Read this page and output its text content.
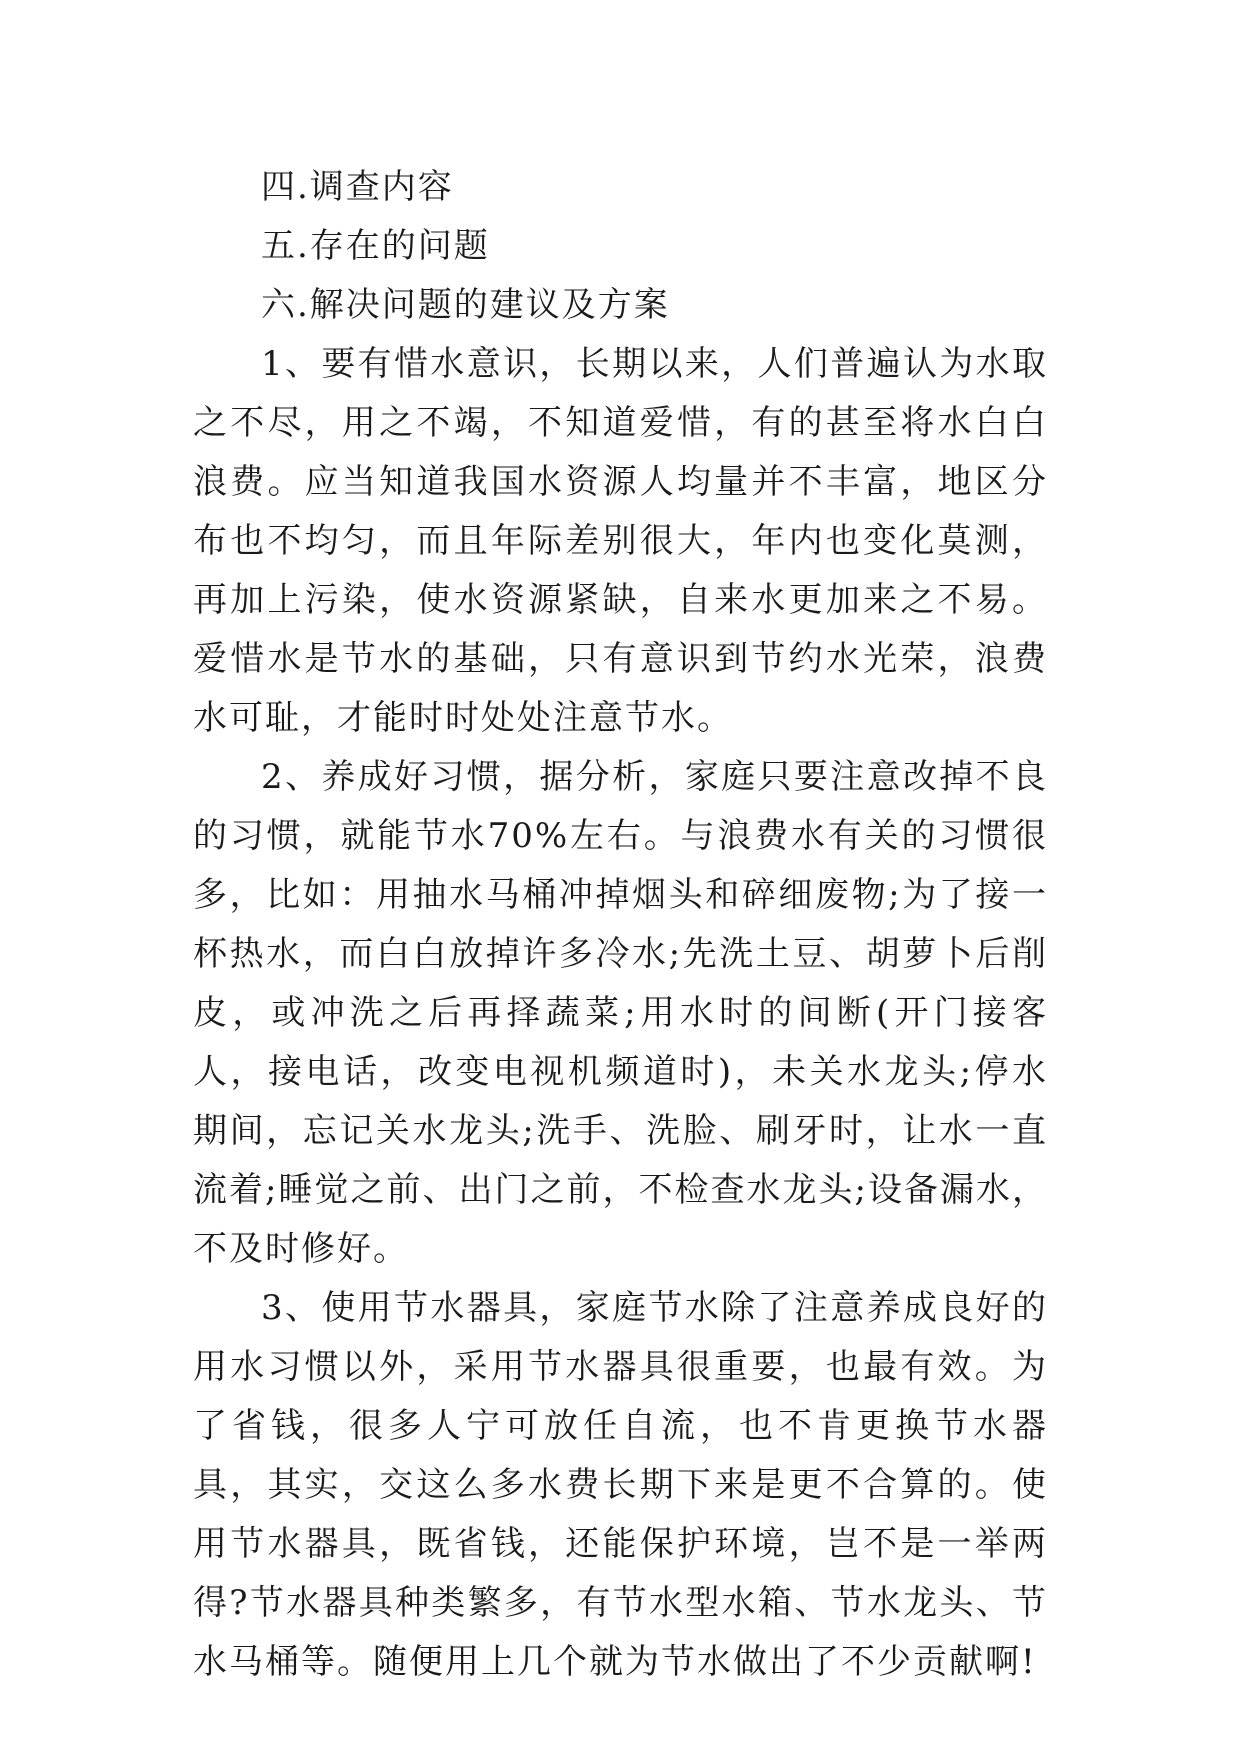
四.调查内容

五.存在的问题

六.解决问题的建议及方案

1、要有惜水意识，长期以来，人们普遍认为水取之不尽，用之不竭，不知道爱惜，有的甚至将水白白浪费。应当知道我国水资源人均量并不丰富，地区分布也不均匀，而且年际差别很大，年内也变化莫测，再加上污染，使水资源紧缺，自来水更加来之不易。爱惜水是节水的基础，只有意识到节约水光荣，浪费水可耻，才能时时处处注意节水。

2、养成好习惯，据分析，家庭只要注意改掉不良的习惯，就能节水70%左右。与浪费水有关的习惯很多，比如：用抽水马桶冲掉烟头和碎细废物;为了接一杯热水，而白白放掉许多冷水;先洗土豆、胡萝卜后削皮，或冲洗之后再择蔬菜;用水时的间断(开门接客人，接电话，改变电视机频道时)，未关水龙头;停水期间，忘记关水龙头;洗手、洗脸、刷牙时，让水一直流着;睡觉之前、出门之前，不检查水龙头;设备漏水，不及时修好。

3、使用节水器具，家庭节水除了注意养成良好的用水习惯以外，采用节水器具很重要，也最有效。为了省钱，很多人宁可放任自流，也不肯更换节水器具，其实，交这么多水费长期下来是更不合算的。使用节水器具，既省钱，还能保护环境，岂不是一举两得?节水器具种类繁多，有节水型水箱、节水龙头、节水马桶等。随便用上几个就为节水做出了不少贡献啊!
